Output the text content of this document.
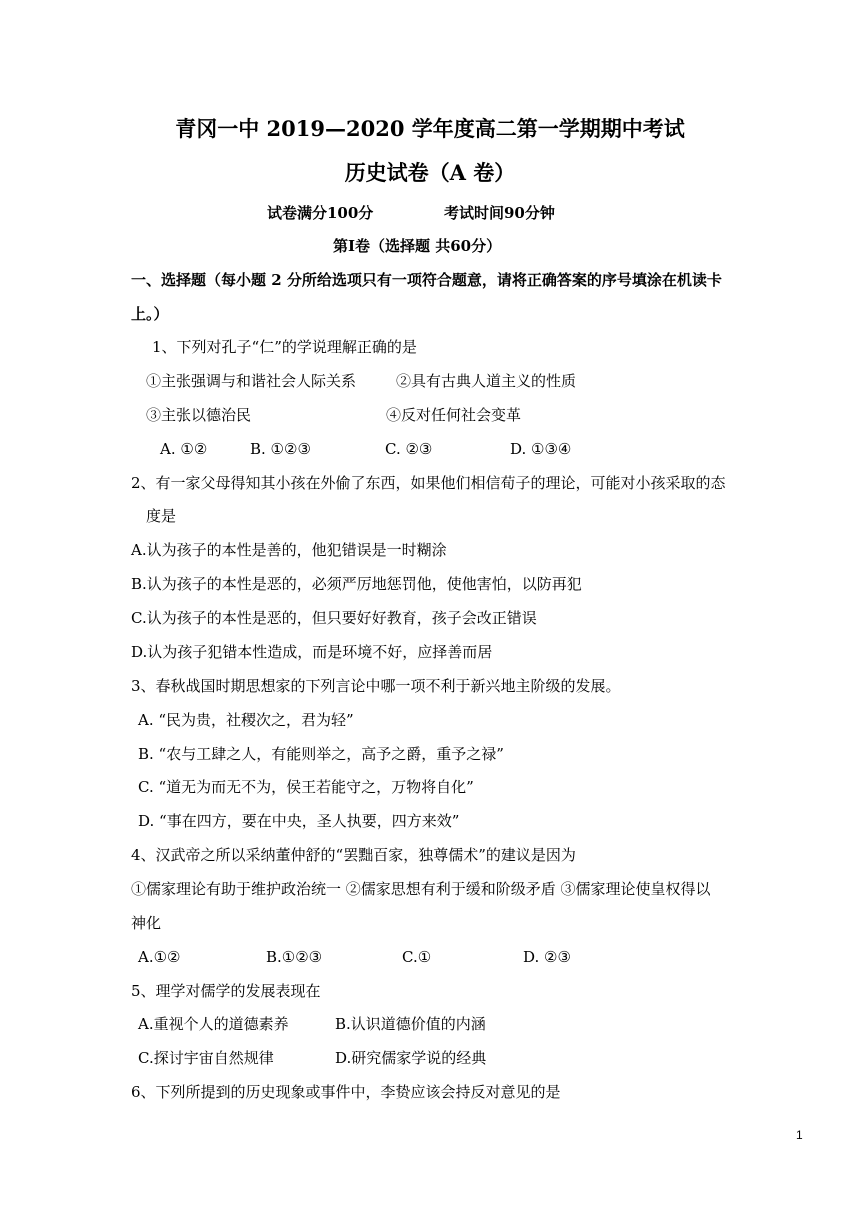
青冈一中 2019—2020 学年度高二第一学期期中考试
历史试卷（A 卷）
试卷满分100分	考试时间90分钟
第Ⅰ卷（选择题 共60分）
一、选择题（每小题 2 分所给选项只有一项符合题意，请将正确答案的序号填涂在机读卡
上。）
1、下列对孔子“仁”的学说理解正确的是
①主张强调与和谐社会人际关系	②具有古典人道主义的性质
③主张以德治民	④反对任何社会变革
A. ①②	B. ①②③	C. ②③	D. ①③④
2、有一家父母得知其小孩在外偷了东西，如果他们相信荀子的理论，可能对小孩采取的态
度是
A.认为孩子的本性是善的，他犯错误是一时糊涂
B.认为孩子的本性是恶的，必须严厉地惩罚他，使他害怕，以防再犯
C.认为孩子的本性是恶的，但只要好好教育，孩子会改正错误
D.认为孩子犯错本性造成，而是环境不好，应择善而居
3、春秋战国时期思想家的下列言论中哪一项不利于新兴地主阶级的发展。
A. “民为贵，社稷次之，君为轻”
B. “农与工肆之人，有能则举之，高予之爵，重予之禄”
C. “道无为而无不为，侯王若能守之，万物将自化”
D. “事在四方，要在中央，圣人执要，四方来效”
4、汉武帝之所以采纳董仲舒的“罢黜百家，独尊儒术”的建议是因为
①儒家理论有助于维护政治统一 ②儒家思想有利于缓和阶级矛盾 ③儒家理论使皇权得以
神化
A.①②	B.①②③	C.①	D. ②③
5、理学对儒学的发展表现在
A.重视个人的道德素养	B.认识道德价值的内涵
C.探讨宇宙自然规律	D.研究儒家学说的经典
6、下列所提到的历史现象或事件中，李贽应该会持反对意见的是
1
